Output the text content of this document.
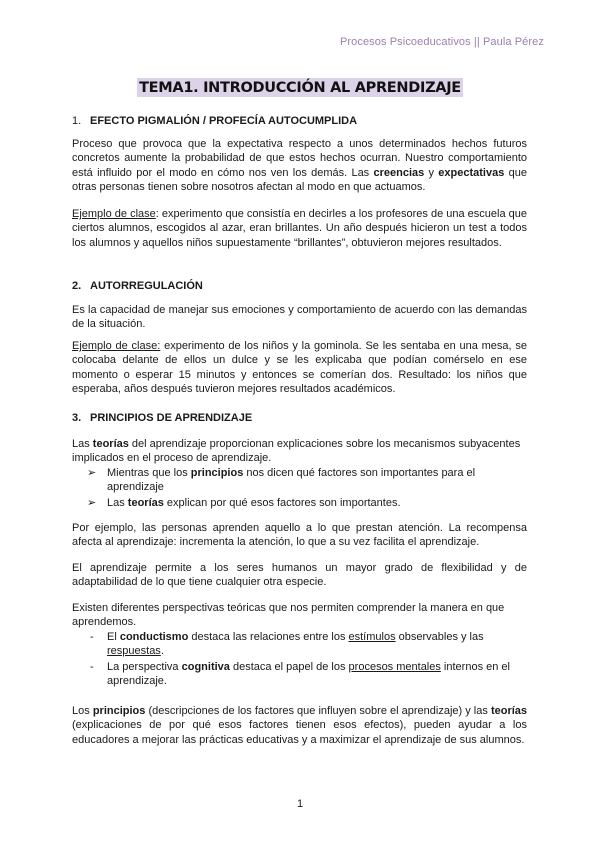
Procesos Psicoeducativos || Paula Pérez
TEMA1. INTRODUCCIÓN AL APRENDIZAJE
1. EFECTO PIGMALIÓN / PROFECÍA AUTOCUMPLIDA

Proceso que provoca que la expectativa respecto a unos determinados hechos futuros concretos aumente la probabilidad de que estos hechos ocurran. Nuestro comportamiento está influido por el modo en cómo nos ven los demás. Las creencias y expectativas que otras personas tienen sobre nosotros afectan al modo en que actuamos.

Ejemplo de clase: experimento que consistía en decirles a los profesores de una escuela que ciertos alumnos, escogidos al azar, eran brillantes. Un año después hicieron un test a todos los alumnos y aquellos niños supuestamente “brillantes”, obtuvieron mejores resultados.

2. AUTORREGULACIÓN

Es la capacidad de manejar sus emociones y comportamiento de acuerdo con las demandas de la situación.

Ejemplo de clase: experimento de los niños y la gominola. Se les sentaba en una mesa, se colocaba delante de ellos un dulce y se les explicaba que podían comérselo en ese momento o esperar 15 minutos y entonces se comerían dos. Resultado: los niños que esperaba, años después tuvieron mejores resultados académicos.

3. PRINCIPIOS DE APRENDIZAJE

Las teorías del aprendizaje proporcionan explicaciones sobre los mecanismos subyacentes implicados en el proceso de aprendizaje.

➢ Mientras que los principios nos dicen qué factores son importantes para el aprendizaje

➢ Las teorías explican por qué esos factores son importantes.

Por ejemplo, las personas aprenden aquello a lo que prestan atención. La recompensa afecta al aprendizaje: incrementa la atención, lo que a su vez facilita el aprendizaje.

El aprendizaje permite a los seres humanos un mayor grado de flexibilidad y de adaptabilidad de lo que tiene cualquier otra especie.

Existen diferentes perspectivas teóricas que nos permiten comprender la manera en que aprendemos.

- El conductismo destaca las relaciones entre los estímulos observables y las respuestas.

- La perspectiva cognitiva destaca el papel de los procesos mentales internos en el aprendizaje.

Los principios (descripciones de los factores que influyen sobre el aprendizaje) y las teorías (explicaciones de por qué esos factores tienen esos efectos), pueden ayudar a los educadores a mejorar las prácticas educativas y a maximizar el aprendizaje de sus alumnos.

1
